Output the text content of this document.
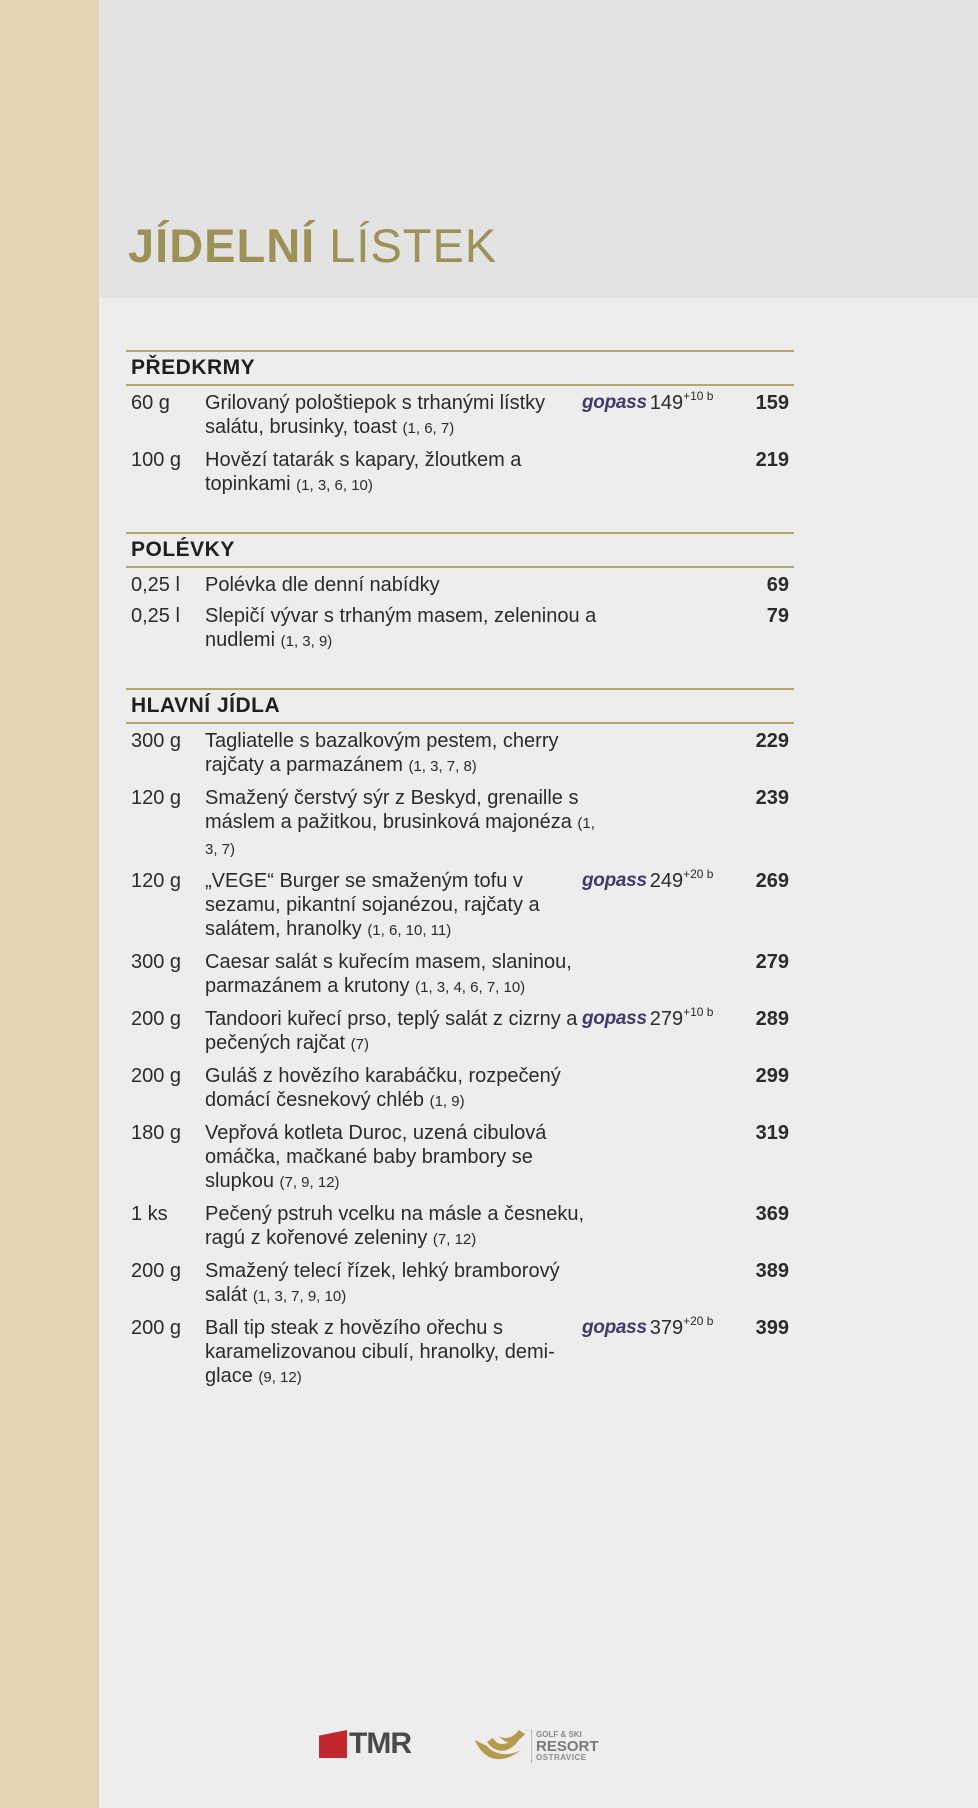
JÍDELNÍ LÍSTEK
PŘEDKRMY
60 g Grilovaný pološtiepok s trhanými lístky salátu, brusinky, toast (1, 6, 7)
gopass 149 +10 b 159
100 g Hovězí tatarák s kapary, žloutkem a topinkami (1, 3, 6, 10)
219
POLÉVKY
0,25 l Polévka dle denní nabídky	69
0,25 l Slepičí vývar s trhaným masem, zeleninou a nudlemi (1, 3, 9)
79
HLAVNÍ JÍDLA
300 g Tagliatelle s bazalkovým pestem, cherry rajčaty a parmazánem (1, 3, 7, 8)
229
120 g Smažený čerstvý sýr z Beskyd, grenaille s máslem a pažitkou, brusinková majonéza (1, 3, 7)
239
120 g „VEGE“ Burger se smaženým tofu v sezamu, pikantní sojanézou, rajčaty a salátem, hranolky (1, 6, 10, 11)
gopass 249 +20 b 269
300 g Caesar salát s kuřecím masem, slaninou, parmazánem a krutony (1, 3, 4, 6, 7, 10)
279
200 g Tandoori kuřecí prso, teplý salát z cizrny a pečených rajčat (7)
gopass 279 +10 b 289
200 g Guláš z hovězího karabáčku, rozpečený domácí česnekový chléb (1, 9)
299
180 g Vepřová kotleta Duroc, uzená cibulová omáčka, mačkané baby brambory se slupkou (7, 9, 12)
319
1 ks Pečený pstruh vcelku na másle a česneku, ragú z kořenové zeleniny (7, 12)
369
200 g Smažený telecí řízek, lehký bramborový salát (1, 3, 7, 9, 10)
389
200 g Ball tip steak z hovězího ořechu s karamelizovanou cibulí, hranolky, demi-glace (9, 12)
gopass 379 +20 b 399
TMR	GOLF & SKI
RESORT
OSTRAVICE
